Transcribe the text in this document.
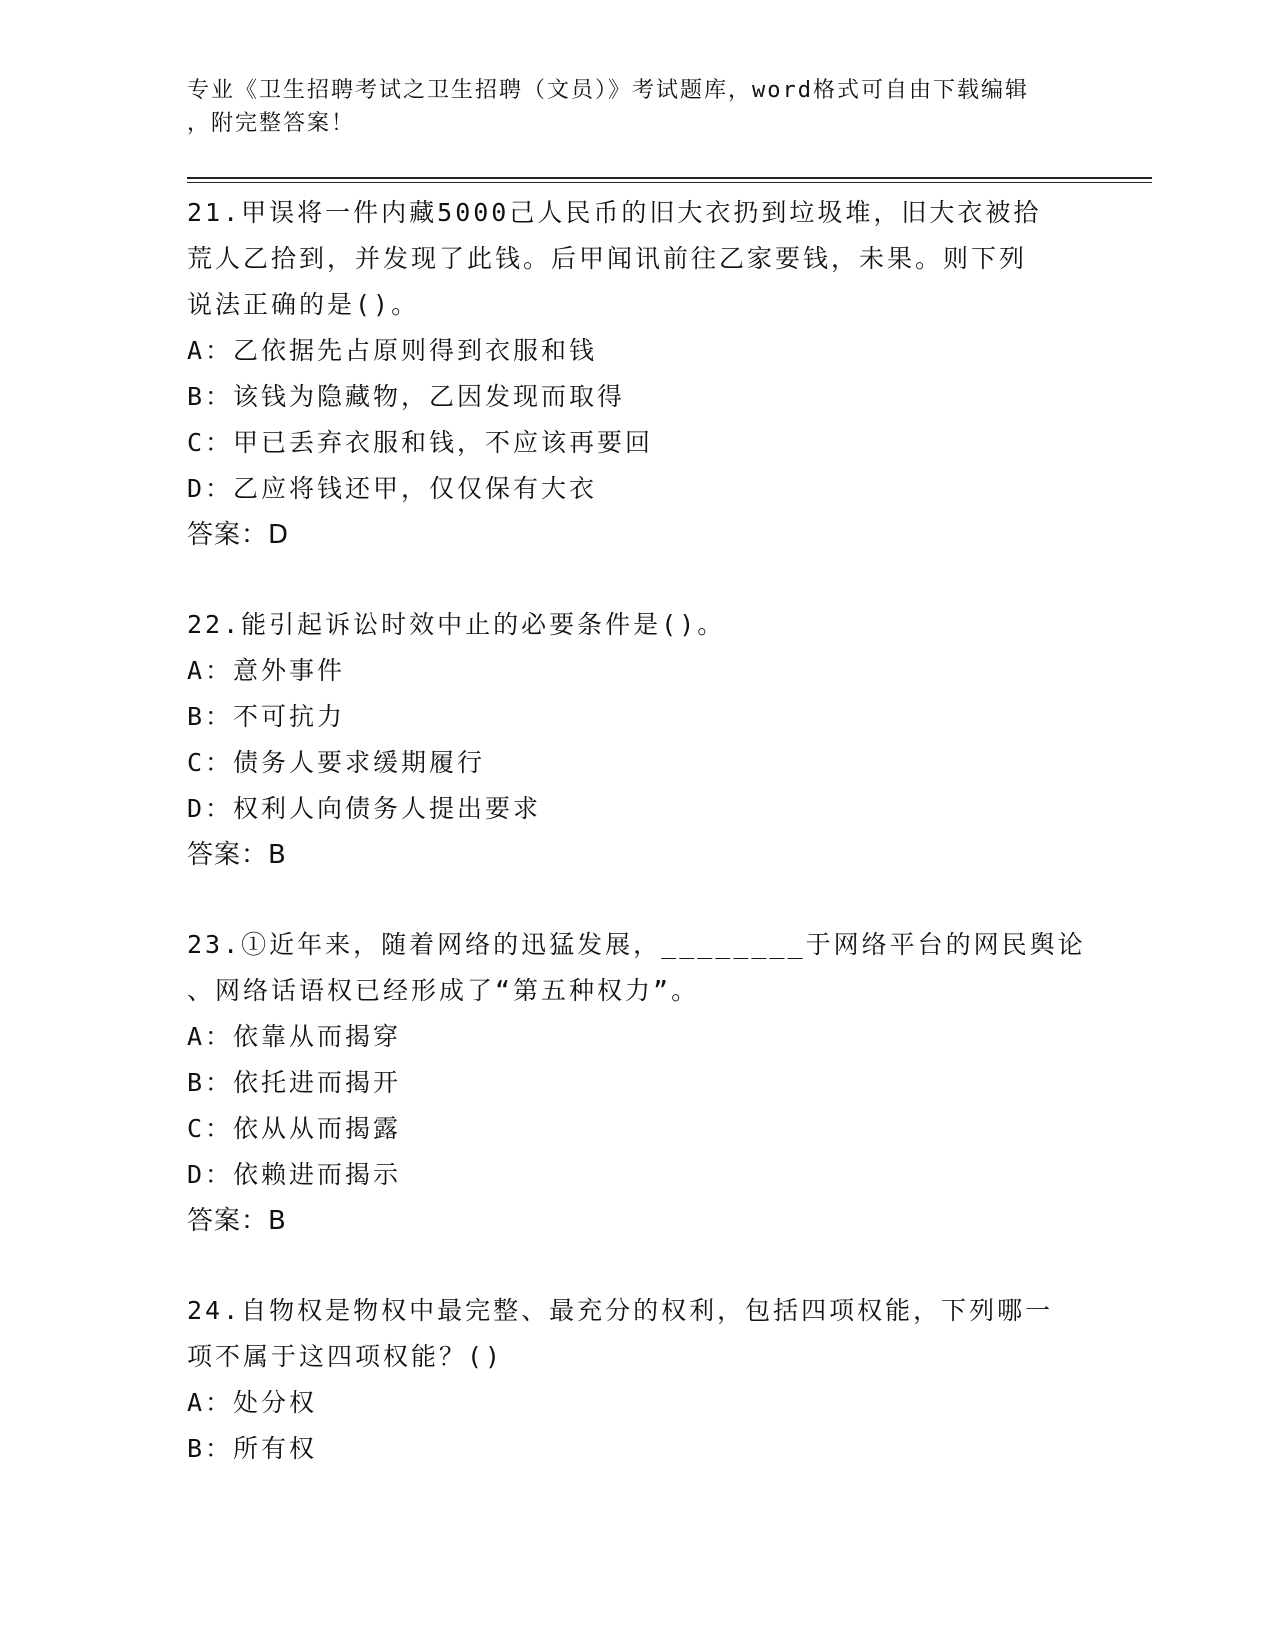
专业《卫生招聘考试之卫生招聘（文员）》考试题库，word格式可自由下载编辑
，附完整答案！
21.甲误将一件内藏5000己人民币的旧大衣扔到垃圾堆，旧大衣被拾
荒人乙拾到，并发现了此钱。后甲闻讯前往乙家要钱，未果。则下列
说法正确的是()。
A：乙依据先占原则得到衣服和钱
B：该钱为隐藏物，乙因发现而取得
C：甲已丢弃衣服和钱，不应该再要回
D：乙应将钱还甲，仅仅保有大衣
答案：D
22.能引起诉讼时效中止的必要条件是()。
A：意外事件
B：不可抗力
C：债务人要求缓期履行
D：权利人向债务人提出要求
答案：B
23.①近年来，随着网络的迅猛发展，________于网络平台的网民舆论
、网络话语权已经形成了“第五种权力”。
A：依靠从而揭穿
B：依托进而揭开
C：依从从而揭露
D：依赖进而揭示
答案：B
24.自物权是物权中最完整、最充分的权利，包括四项权能，下列哪一
项不属于这四项权能？()
A：处分权
B：所有权
